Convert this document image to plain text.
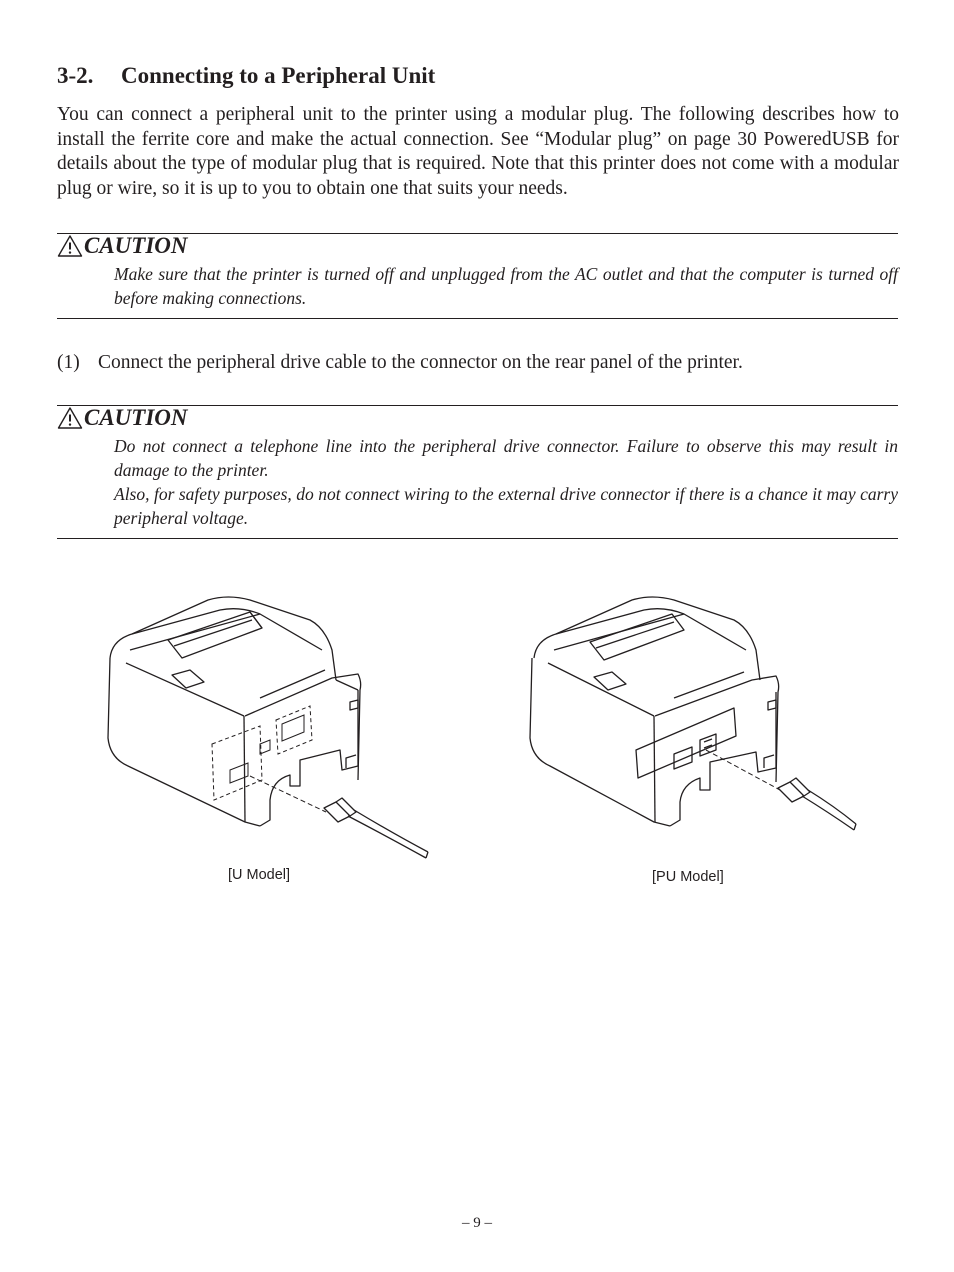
3-2. Connecting to a Peripheral Unit

You can connect a peripheral unit to the printer using a modular plug. The following describes how to install the ferrite core and make the actual connection. See “Modular plug” on page 30 PoweredUSB for details about the type of modular plug that is required. Note that this printer does not come with a modular plug or wire, so it is up to you to obtain one that suits your needs.

CAUTION

Make sure that the printer is turned off and unplugged from the AC outlet and that the computer is turned off before making connections.

(1) Connect the peripheral drive cable to the connector on the rear panel of the printer.

CAUTION

Do not connect a telephone line into the peripheral drive connector. Failure to observe this may result in damage to the printer.

Also, for safety purposes, do not connect wiring to the external drive connector if there is a chance it may carry peripheral voltage.

[U Model]	[PU Model]
– 9 –
